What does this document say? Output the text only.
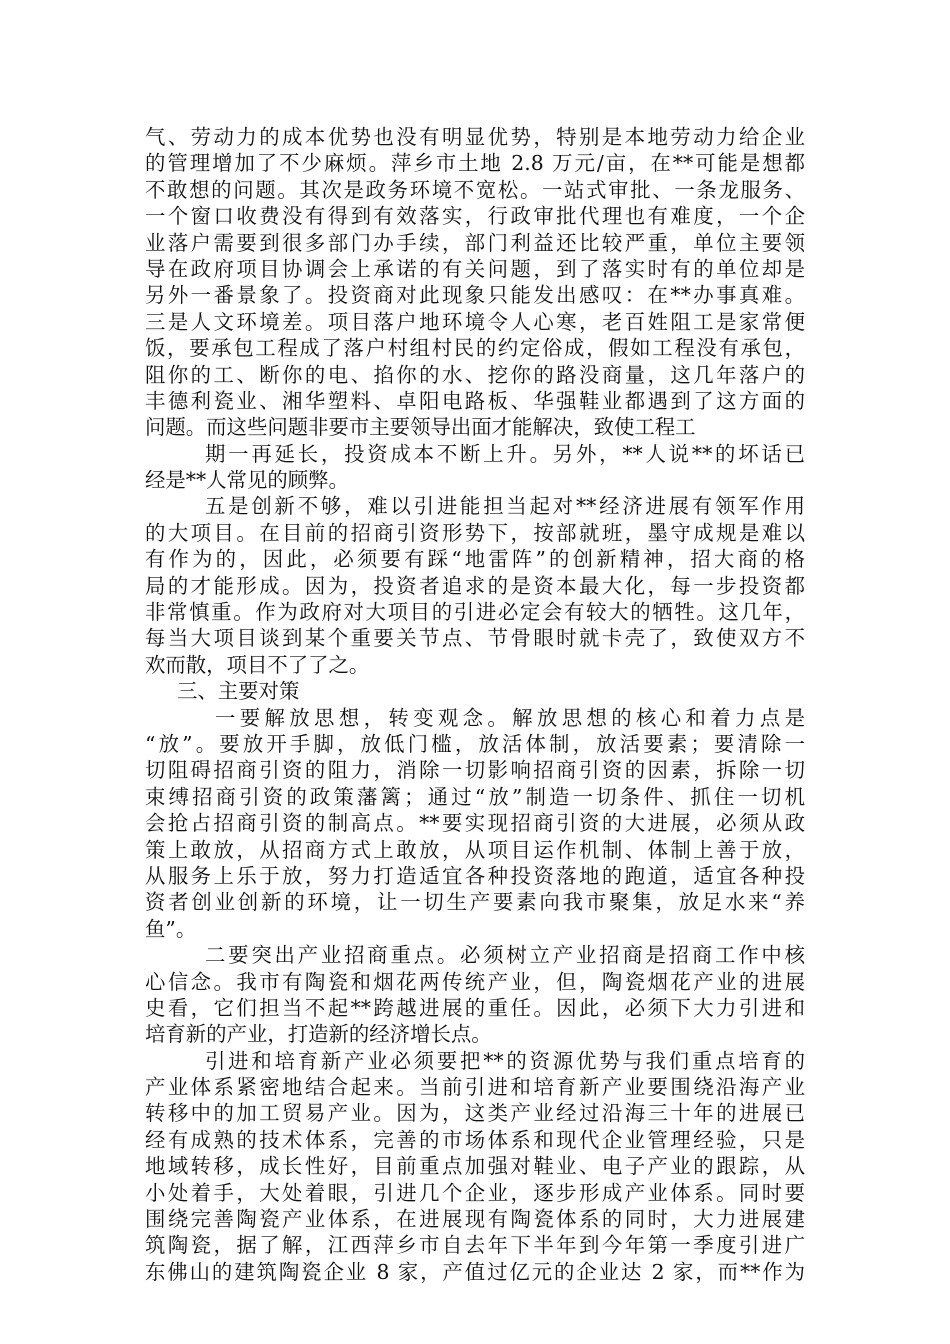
气、劳动力的成本优势也没有明显优势，特别是本地劳动力给企业
的管理增加了不少麻烦。萍乡市土地 2.8 万元/亩，在**可能是想都
不敢想的问题。其次是政务环境不宽松。一站式审批、一条龙服务、
一个窗口收费没有得到有效落实，行政审批代理也有难度，一个企
业落户需要到很多部门办手续，部门利益还比较严重，单位主要领
导在政府项目协调会上承诺的有关问题，到了落实时有的单位却是
另外一番景象了。投资商对此现象只能发出感叹：在**办事真难。
三是人文环境差。项目落户地环境令人心寒，老百姓阻工是家常便
饭，要承包工程成了落户村组村民的约定俗成，假如工程没有承包，
阻你的工、断你的电、掐你的水、挖你的路没商量，这几年落户的
丰德利瓷业、湘华塑料、卓阳电路板、华强鞋业都遇到了这方面的
问题。而这些问题非要市主要领导出面才能解决，致使工程工
期一再延长，投资成本不断上升。另外，**人说**的坏话已
经是**人常见的顾弊。
五是创新不够，难以引进能担当起对**经济进展有领军作用
的大项目。在目前的招商引资形势下，按部就班，墨守成规是难以
有作为的，因此，必须要有踩“地雷阵”的创新精神，招大商的格
局的才能形成。因为，投资者追求的是资本最大化，每一步投资都
非常慎重。作为政府对大项目的引进必定会有较大的牺牲。这几年，
每当大项目谈到某个重要关节点、节骨眼时就卡壳了，致使双方不
欢而散，项目不了了之。
三、主要对策
一要解放思想，转变观念。解放思想的核心和着力点是
“放”。要放开手脚，放低门槛，放活体制，放活要素；要清除一
切阻碍招商引资的阻力，消除一切影响招商引资的因素，拆除一切
束缚招商引资的政策藩篱；通过“放”制造一切条件、抓住一切机
会抢占招商引资的制高点。**要实现招商引资的大进展，必须从政
策上敢放，从招商方式上敢放，从项目运作机制、体制上善于放，
从服务上乐于放，努力打造适宜各种投资落地的跑道，适宜各种投
资者创业创新的环境，让一切生产要素向我市聚集，放足水来“养
鱼”。
二要突出产业招商重点。必须树立产业招商是招商工作中核
心信念。我市有陶瓷和烟花两传统产业，但，陶瓷烟花产业的进展
史看，它们担当不起**跨越进展的重任。因此，必须下大力引进和
培育新的产业，打造新的经济增长点。
引进和培育新产业必须要把**的资源优势与我们重点培育的
产业体系紧密地结合起来。当前引进和培育新产业要围绕沿海产业
转移中的加工贸易产业。因为，这类产业经过沿海三十年的进展已
经有成熟的技术体系，完善的市场体系和现代企业管理经验，只是
地域转移，成长性好，目前重点加强对鞋业、电子产业的跟踪，从
小处着手，大处着眼，引进几个企业，逐步形成产业体系。同时要
围绕完善陶瓷产业体系，在进展现有陶瓷体系的同时，大力进展建
筑陶瓷，据了解，江西萍乡市自去年下半年到今年第一季度引进广
东佛山的建筑陶瓷企业 8 家，产值过亿元的企业达 2 家，而**作为
